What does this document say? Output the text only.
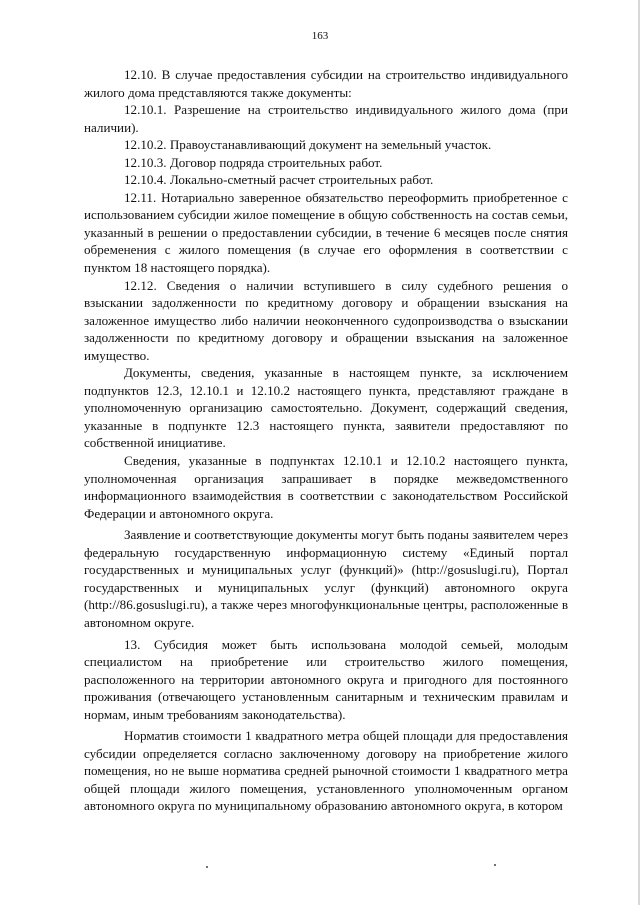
163

12.10. В случае предоставления субсидии на строительство индивидуального жилого дома представляются также документы:

12.10.1. Разрешение на строительство индивидуального жилого дома (при наличии).

12.10.2. Правоустанавливающий документ на земельный участок.

12.10.3. Договор подряда строительных работ.

12.10.4. Локально-сметный расчет строительных работ.

12.11. Нотариально заверенное обязательство переоформить приобретенное с использованием субсидии жилое помещение в общую собственность на состав семьи, указанный в решении о предоставлении субсидии, в течение 6 месяцев после снятия обременения с жилого помещения (в случае его оформления в соответствии с пунктом 18 настоящего порядка).

12.12. Сведения о наличии вступившего в силу судебного решения о взыскании задолженности по кредитному договору и обращении взыскания на заложенное имущество либо наличии неоконченного судопроизводства о взыскании задолженности по кредитному договору и обращении взыскания на заложенное имущество.

Документы, сведения, указанные в настоящем пункте, за исключением подпунктов 12.3, 12.10.1 и 12.10.2 настоящего пункта, представляют граждане в уполномоченную организацию самостоятельно. Документ, содержащий сведения, указанные в подпункте 12.3 настоящего пункта, заявители предоставляют по собственной инициативе.

Сведения, указанные в подпунктах 12.10.1 и 12.10.2 настоящего пункта, уполномоченная организация запрашивает в порядке межведомственного информационного взаимодействия в соответствии с законодательством Российской Федерации и автономного округа.

Заявление и соответствующие документы могут быть поданы заявителем через федеральную государственную информационную систему «Единый портал государственных и муниципальных услуг (функций)» (http://gosuslugi.ru), Портал государственных и муниципальных услуг (функций) автономного округа (http://86.gosuslugi.ru), а также через многофункциональные центры, расположенные в автономном округе.

13. Субсидия может быть использована молодой семьей, молодым специалистом на приобретение или строительство жилого помещения, расположенного на территории автономного округа и пригодного для постоянного проживания (отвечающего установленным санитарным и техническим правилам и нормам, иным требованиям законодательства).

Норматив стоимости 1 квадратного метра общей площади для предоставления субсидии определяется согласно заключенному договору на приобретение жилого помещения, но не выше норматива средней рыночной стоимости 1 квадратного метра общей площади жилого помещения, установленного уполномоченным органом автономного округа по муниципальному образованию автономного округа, в котором
